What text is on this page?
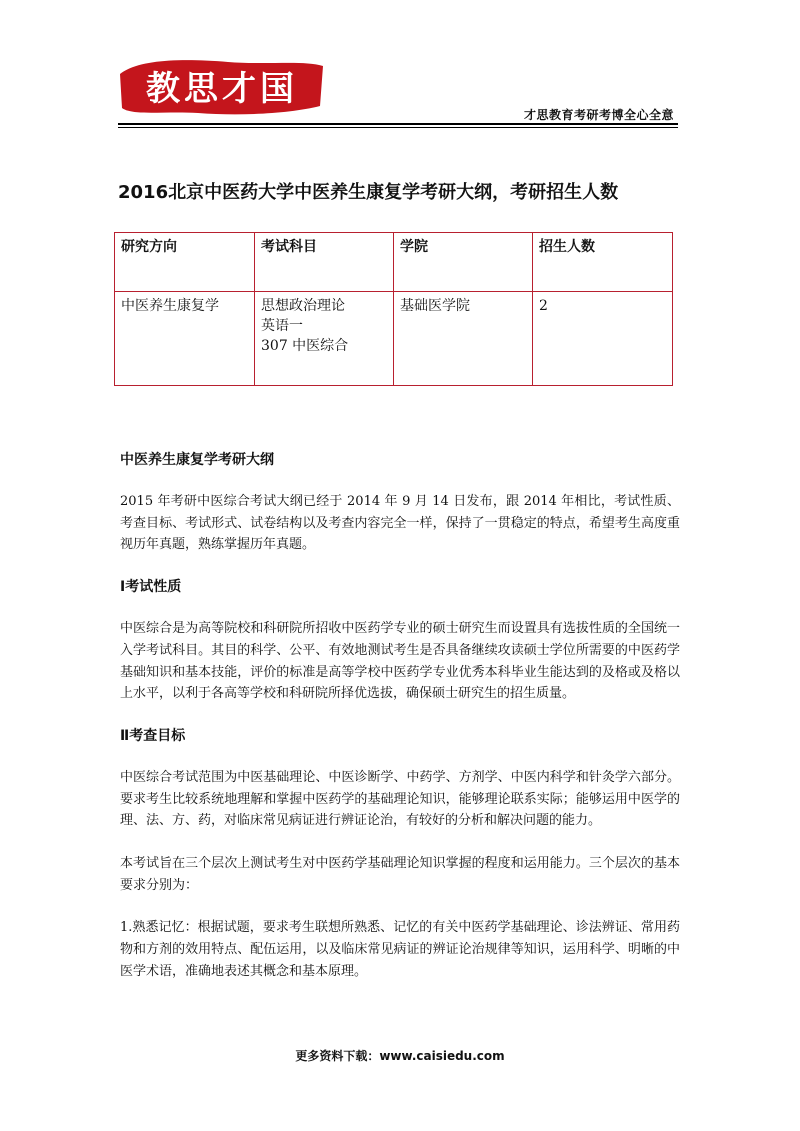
教思才国
才思教育考研考博全心全意
2016北京中医药大学中医养生康复学考研大纲，考研招生人数
研究方向	考试科目	学院	招生人数
中医养生康复学	思想政治理论
英语一
307 中医综合	基础医学院	2
中医养生康复学考研大纲

2015 年考研中医综合考试大纲已经于 2014 年 9 月 14 日发布，跟 2014 年相比，考试性质、考查目标、考试形式、试卷结构以及考查内容完全一样，保持了一贯稳定的特点，希望考生高度重视历年真题，熟练掌握历年真题。

Ⅰ考试性质

中医综合是为高等院校和科研院所招收中医药学专业的硕士研究生而设置具有选拔性质的全国统一入学考试科目。其目的科学、公平、有效地测试考生是否具备继续攻读硕士学位所需要的中医药学基础知识和基本技能，评价的标准是高等学校中医药学专业优秀本科毕业生能达到的及格或及格以上水平，以利于各高等学校和科研院所择优选拔，确保硕士研究生的招生质量。

Ⅱ考查目标

中医综合考试范围为中医基础理论、中医诊断学、中药学、方剂学、中医内科学和针灸学六部分。要求考生比较系统地理解和掌握中医药学的基础理论知识，能够理论联系实际；能够运用中医学的理、法、方、药，对临床常见病证进行辨证论治，有较好的分析和解决问题的能力。

本考试旨在三个层次上测试考生对中医药学基础理论知识掌握的程度和运用能力。三个层次的基本要求分别为：

1.熟悉记忆：根据试题，要求考生联想所熟悉、记忆的有关中医药学基础理论、诊法辨证、常用药物和方剂的效用特点、配伍运用，以及临床常见病证的辨证论治规律等知识，运用科学、明晰的中医学术语，准确地表述其概念和基本原理。

更多资料下载：www.caisiedu.com
